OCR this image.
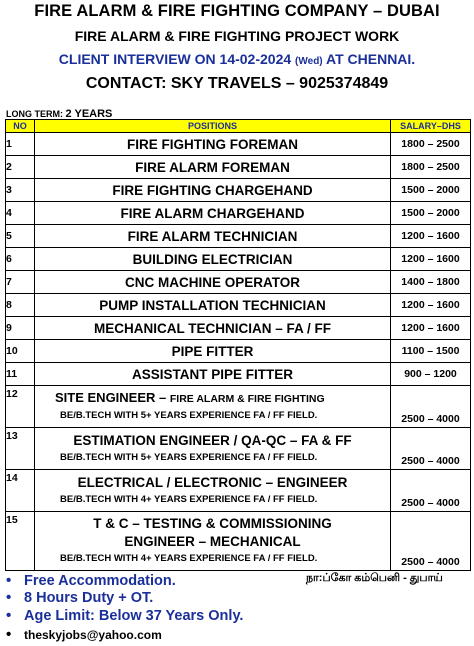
FIRE ALARM & FIRE FIGHTING COMPANY – DUBAI
FIRE ALARM & FIRE FIGHTING PROJECT WORK
CLIENT INTERVIEW ON 14-02-2024 (Wed) AT CHENNAI.
CONTACT: SKY TRAVELS – 9025374849
LONG TERM: 2 YEARS
NO	POSITIONS	SALARY–DHS
1	FIRE FIGHTING FOREMAN	1800 – 2500
2	FIRE ALARM FOREMAN	1800 – 2500
3	FIRE FIGHTING CHARGEHAND	1500 – 2000
4	FIRE ALARM CHARGEHAND	1500 – 2000
5	FIRE ALARM TECHNICIAN	1200 – 1600
6	BUILDING ELECTRICIAN	1200 – 1600
7	CNC MACHINE OPERATOR	1400 – 1800
8	PUMP INSTALLATION TECHNICIAN	1200 – 1600
9	MECHANICAL TECHNICIAN – FA / FF	1200 – 1600
10	PIPE FITTER	1100 – 1500
11	ASSISTANT PIPE FITTER	900 – 1200
12	SITE ENGINEER – FIRE ALARM & FIRE FIGHTING
BE/B.TECH WITH 5+ YEARS EXPERIENCE FA / FF FIELD.	2500 – 4000
13	ESTIMATION ENGINEER / QA-QC – FA & FF
BE/B.TECH WITH 5+ YEARS EXPERIENCE FA / FF FIELD.	2500 – 4000
14	ELECTRICAL / ELECTRONIC – ENGINEER
BE/B.TECH WITH 4+ YEARS EXPERIENCE FA / FF FIELD.	2500 – 4000
15	T & C – TESTING & COMMISSIONING
ENGINEER – MECHANICAL
BE/B.TECH WITH 4+ YEARS EXPERIENCE FA / FF FIELD.	2500 – 4000
• Free Accommodation.
• 8 Hours Duty + OT.
• Age Limit: Below 37 Years Only.
• theskyjobs@yahoo.com
நா:ப்கோ கம்பெனி - துபாய்
